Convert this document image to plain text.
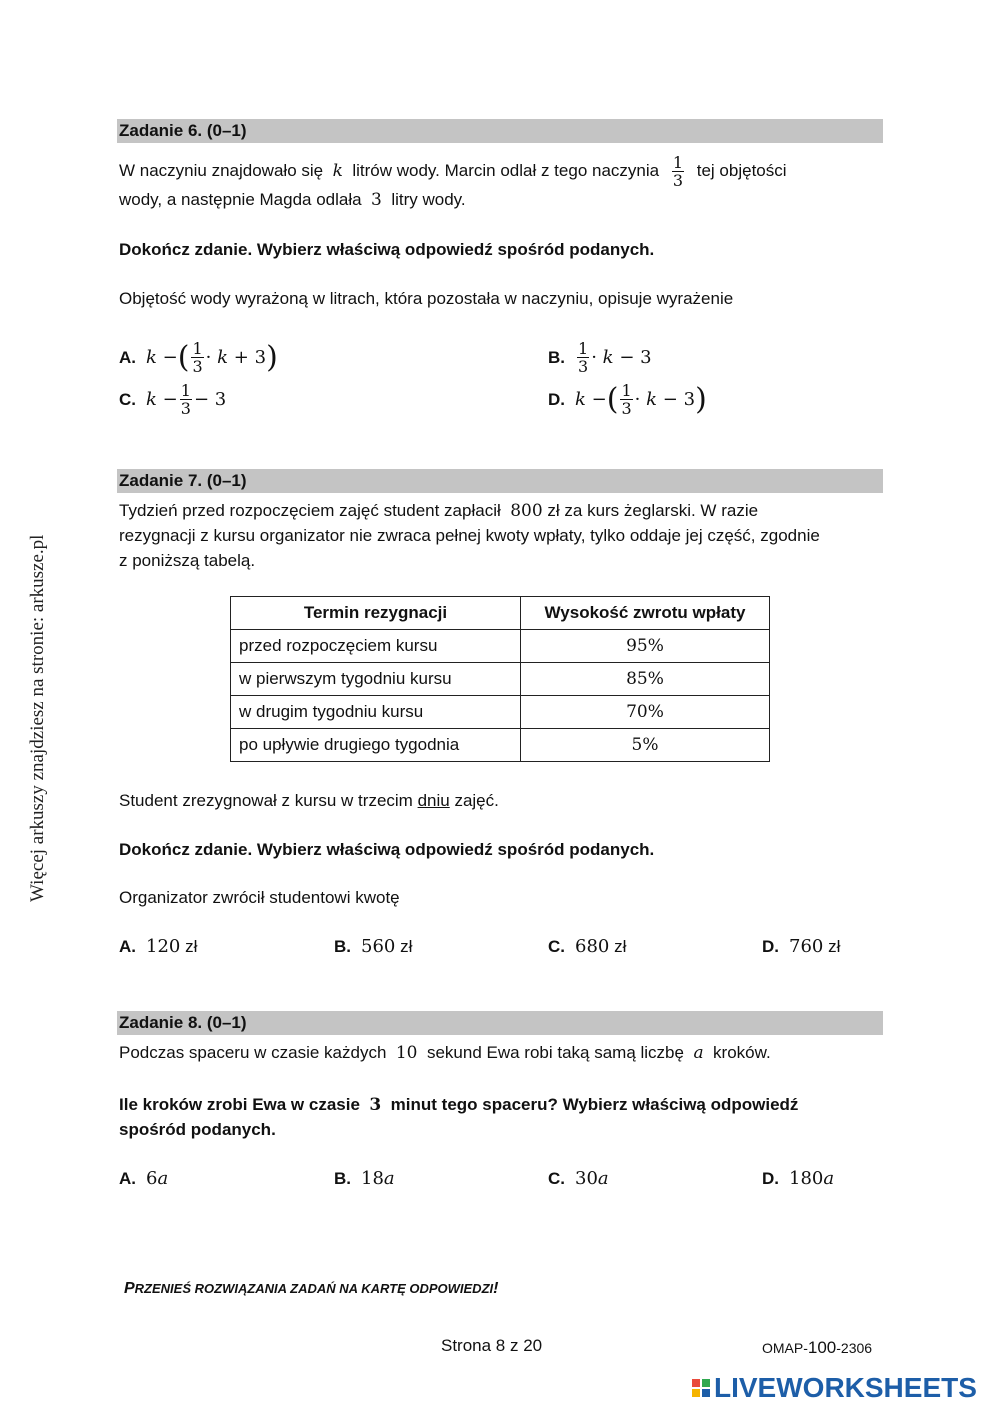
Więcej arkuszy znajdziesz na stronie: arkusze.pl
Zadanie 6. (0–1)
W naczyniu znajdowało się k litrów wody. Marcin odlał z tego naczynia $\frac{1}{3}$ tej objętości
wody, a następnie Magda odlała 3 litry wody.
Dokończ zdanie. Wybierz właściwą odpowiedź spośród podanych.
Objętość wody wyrażoną w litrach, która pozostała w naczyniu, opisuje wyrażenie
A. k − ( $\frac{1}{3} \cdot k + 3$ )	B. $\frac{1}{3} \cdot k - 3$
C. $k - \frac{1}{3} - 3$	D. k − ( $\frac{1}{3} \cdot k - 3$ )
Zadanie 7. (0–1)
Tydzień przed rozpoczęciem zajęć student zapłacił 800 zł za kurs żeglarski. W razie
rezygnacji z kursu organizator nie zwraca pełnej kwoty wpłaty, tylko oddaje jej część, zgodnie
z poniższą tabelą.
Termin rezygnacji	Wysokość zwrotu wpłaty
przed rozpoczęciem kursu	95%
w pierwszym tygodniu kursu	85%
w drugim tygodniu kursu	70%
po upływie drugiego tygodnia	5%
Student zrezygnował z kursu w trzecim dniu zajęć.
Dokończ zdanie. Wybierz właściwą odpowiedź spośród podanych.
Organizator zwrócił studentowi kwotę
A. 120
zł	B. 560
zł	C. 680
zł	D. 760
zł
Zadanie 8. (0–1)
Podczas spaceru w czasie każdych 10 sekund Ewa robi taką samą liczbę a kroków.
Ile kroków zrobi Ewa w czasie 3 minut tego spaceru? Wybierz właściwą odpowiedź
spośród podanych.
A. 6a	B. 18a	C. 30a	D. 180a
PRZENIEŚ ROZWIĄZANIA ZADAŃ NA KARTĘ ODPOWIEDZI!
Strona 8 z 20	OMAP-100-2306
LIVEWORKSHEETS
